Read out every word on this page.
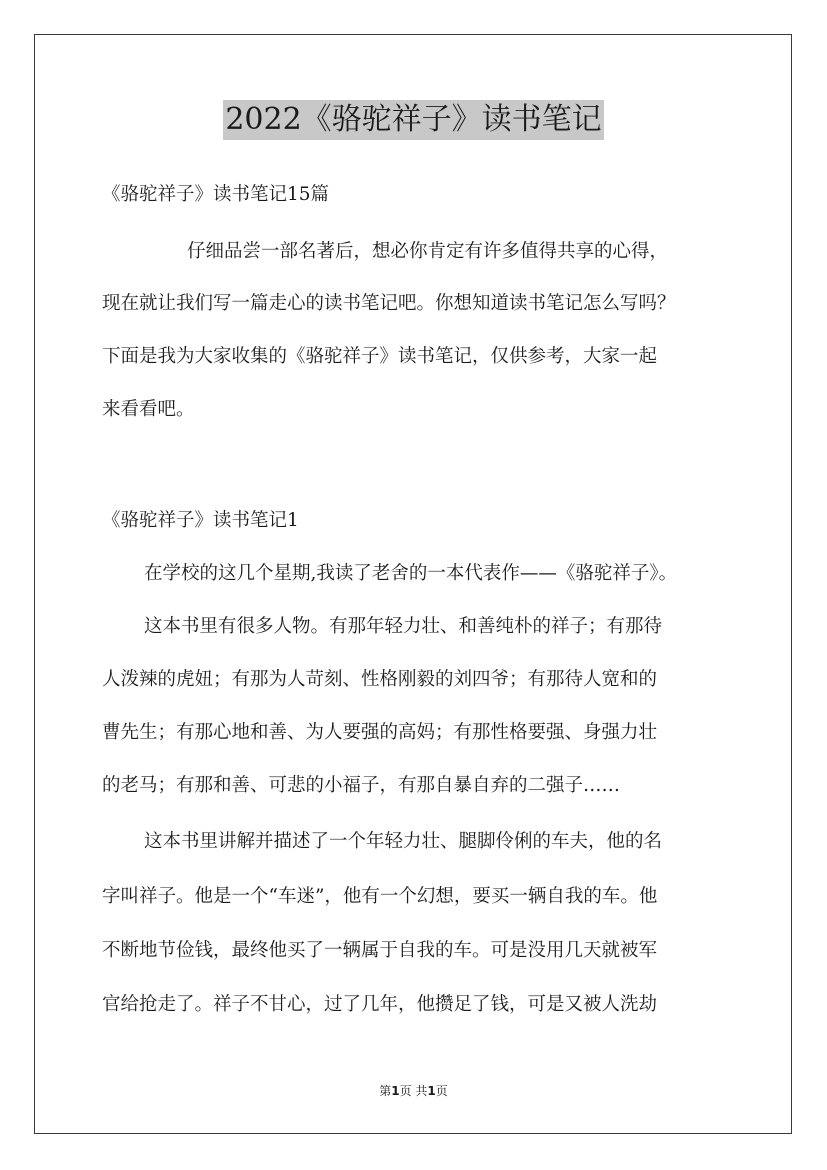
2022《骆驼祥子》读书笔记
《骆驼祥子》读书笔记15篇
仔细品尝一部名著后，想必你肯定有许多值得共享的心得，
现在就让我们写一篇走心的读书笔记吧。你想知道读书笔记怎么写吗？
下面是我为大家收集的《骆驼祥子》读书笔记，仅供参考，大家一起
来看看吧。
《骆驼祥子》读书笔记1
在学校的这几个星期,我读了老舍的一本代表作——《骆驼祥子》。
这本书里有很多人物。有那年轻力壮、和善纯朴的祥子；有那待
人泼辣的虎妞；有那为人苛刻、性格刚毅的刘四爷；有那待人宽和的
曹先生；有那心地和善、为人要强的高妈；有那性格要强、身强力壮
的老马；有那和善、可悲的小福子，有那自暴自弃的二强子……
这本书里讲解并描述了一个年轻力壮、腿脚伶俐的车夫，他的名
字叫祥子。他是一个“车迷”，他有一个幻想，要买一辆自我的车。他
不断地节俭钱，最终他买了一辆属于自我的车。可是没用几天就被军
官给抢走了。祥子不甘心，过了几年，他攒足了钱，可是又被人洗劫
第1页 共1页
